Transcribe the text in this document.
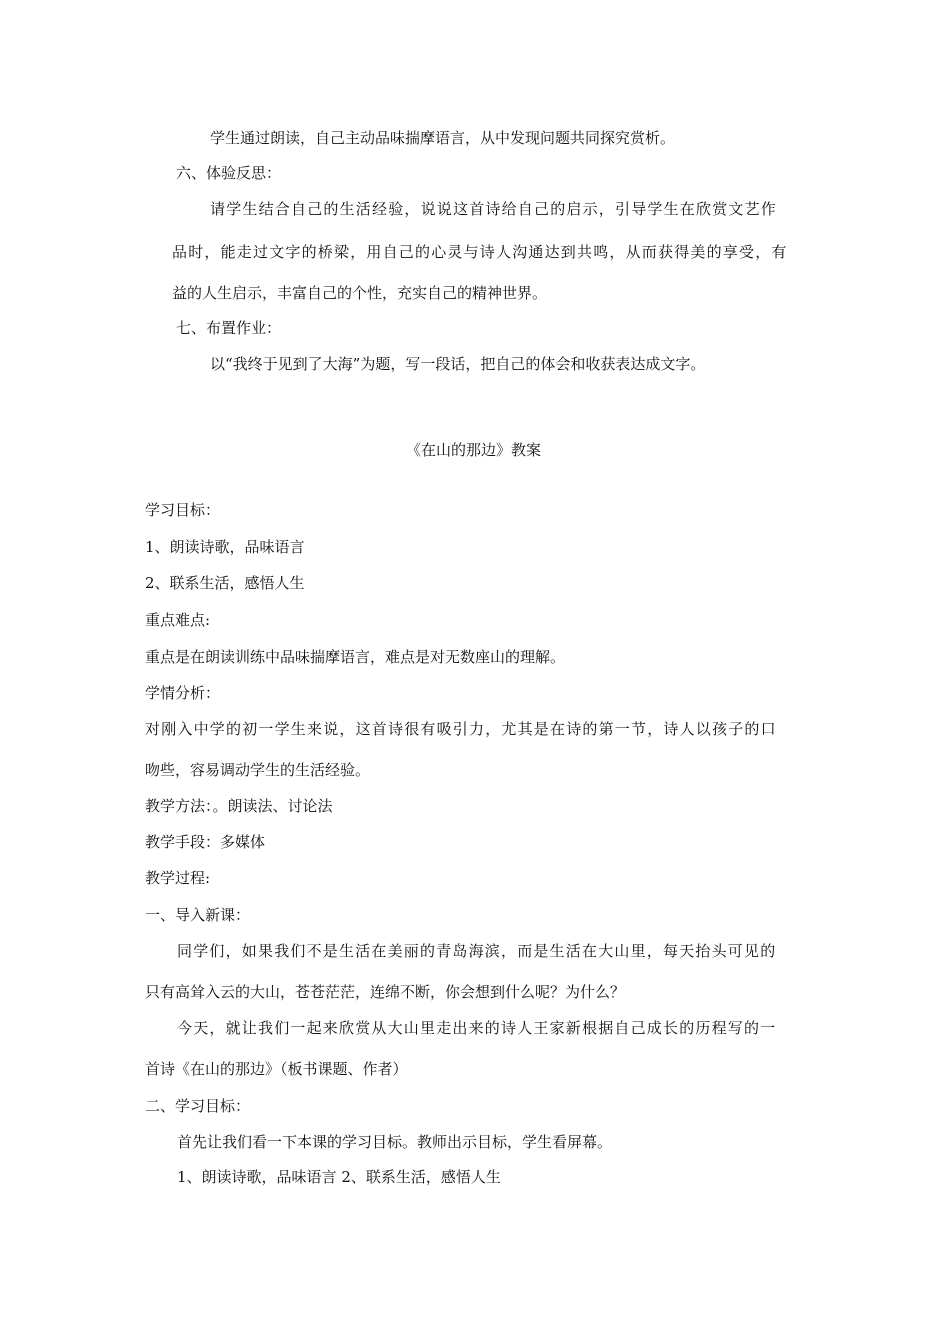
学生通过朗读，自己主动品味揣摩语言，从中发现问题共同探究赏析。
六、体验反思：
请学生结合自己的生活经验，说说这首诗给自己的启示，引导学生在欣赏文艺作
品时，能走过文字的桥梁，用自己的心灵与诗人沟通达到共鸣，从而获得美的享受，有
益的人生启示，丰富自己的个性，充实自己的精神世界。
七、布置作业：
以“我终于见到了大海”为题，写一段话，把自己的体会和收获表达成文字。
《在山的那边》教案
学习目标：
1、朗读诗歌，品味语言
2、联系生活，感悟人生
重点难点:
重点是在朗读训练中品味揣摩语言，难点是对无数座山的理解。
学情分析：
对刚入中学的初一学生来说，这首诗很有吸引力，尤其是在诗的第一节，诗人以孩子的口
吻些，容易调动学生的生活经验。
教学方法：。朗读法、讨论法
教学手段：多媒体
教学过程:
一、导入新课：
同学们，如果我们不是生活在美丽的青岛海滨，而是生活在大山里，每天抬头可见的
只有高耸入云的大山，苍苍茫茫，连绵不断，你会想到什么呢？为什么？
今天，就让我们一起来欣赏从大山里走出来的诗人王家新根据自己成长的历程写的一
首诗《在山的那边》（板书课题、作者）
二、学习目标：
首先让我们看一下本课的学习目标。教师出示目标，学生看屏幕。
1、朗读诗歌，品味语言 2、联系生活，感悟人生
